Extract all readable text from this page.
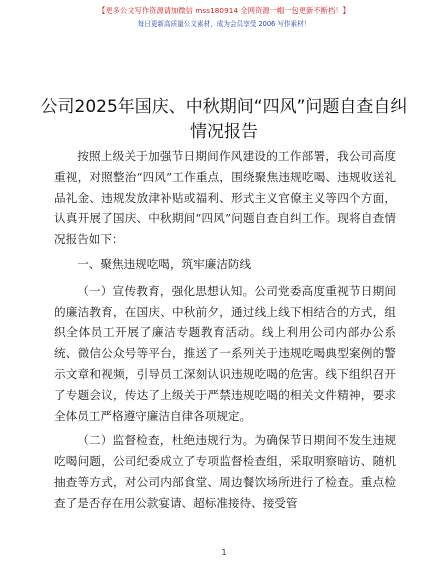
【更多公文写作资源请加微信 mss180914 全网资源一帽一包更新不断档！】
每日更新高质量公文素材，成为会员享受 2006 写作素材！
公司2025年国庆、中秋期间“四风”问题自查自纠情况报告

按照上级关于加强节日期间作风建设的工作部署，我公司高度重视，对照整治“四风”工作重点，围绕聚焦违规吃喝、违规收送礼品礼金、违规发放津补贴或福利、形式主义官僚主义等四个方面，认真开展了国庆、中秋期间“四风”问题自查自纠工作。现将自查情况报告如下：

一、聚焦违规吃喝，筑牢廉洁防线

（一）宣传教育，强化思想认知。公司党委高度重视节日期间的廉洁教育，在国庆、中秋前夕，通过线上线下相结合的方式，组织全体员工开展了廉洁专题教育活动。线上利用公司内部办公系统、微信公众号等平台，推送了一系列关于违规吃喝典型案例的警示文章和视频，引导员工深刻认识违规吃喝的危害。线下组织召开了专题会议，传达了上级关于严禁违规吃喝的相关文件精神，要求全体员工严格遵守廉洁自律各项规定。

（二）监督检查，杜绝违规行为。为确保节日期间不发生违规吃喝问题，公司纪委成立了专项监督检查组，采取明察暗访、随机抽查等方式，对公司内部食堂、周边餐饮场所进行了检查。重点检查了是否存在用公款宴请、超标准接待、接受管

1
